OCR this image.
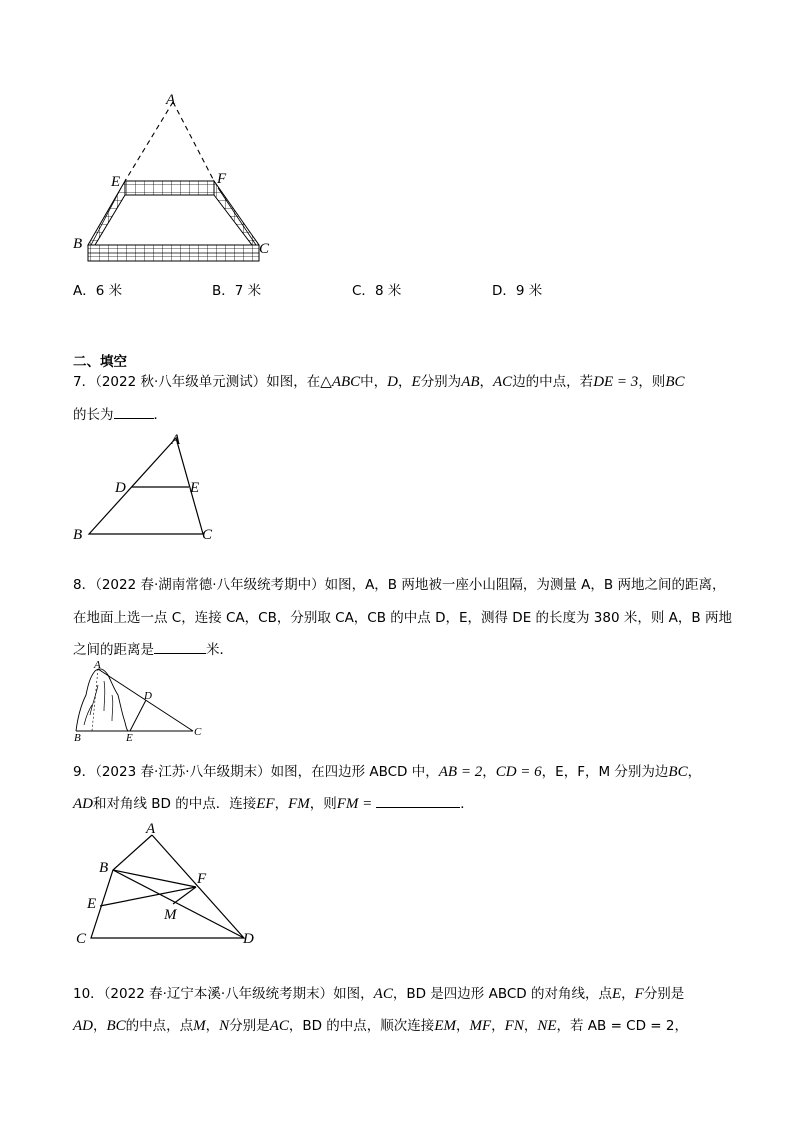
A
E	F
B	C
A．6 米	B．7 米	C．8 米	D．9 米
二、填空
7．（2022 秋·八年级单元测试）如图，在△ABC中，D，E分别为AB，AC边的中点，若DE = 3，则BC
的长为	．
A
D	E
B	C
8．（2022 春·湖南常德·八年级统考期中）如图，A，B 两地被一座小山阻隔，为测量 A，B 两地之间的距离，
在地面上选一点 C，连接 CA，CB，分别取 CA，CB 的中点 D，E，测得 DE 的长度为 380 米，则 A，B 两地
之间的距离是	米．
A
D
B	E	C
9．（2023 春·江苏·八年级期末）如图，在四边形 ABCD 中，AB = 2，CD = 6，E，F，M 分别为边BC，
AD和对角线 BD 的中点．连接EF，FM，则FM =	．
A
B
F
E
M
C	D
10．（2022 春·辽宁本溪·八年级统考期末）如图，AC，BD 是四边形 ABCD 的对角线，点E，F分别是
AD，BC的中点，点M，N分别是AC，BD 的中点，顺次连接EM，MF，FN，NE，若 AB = CD = 2，
